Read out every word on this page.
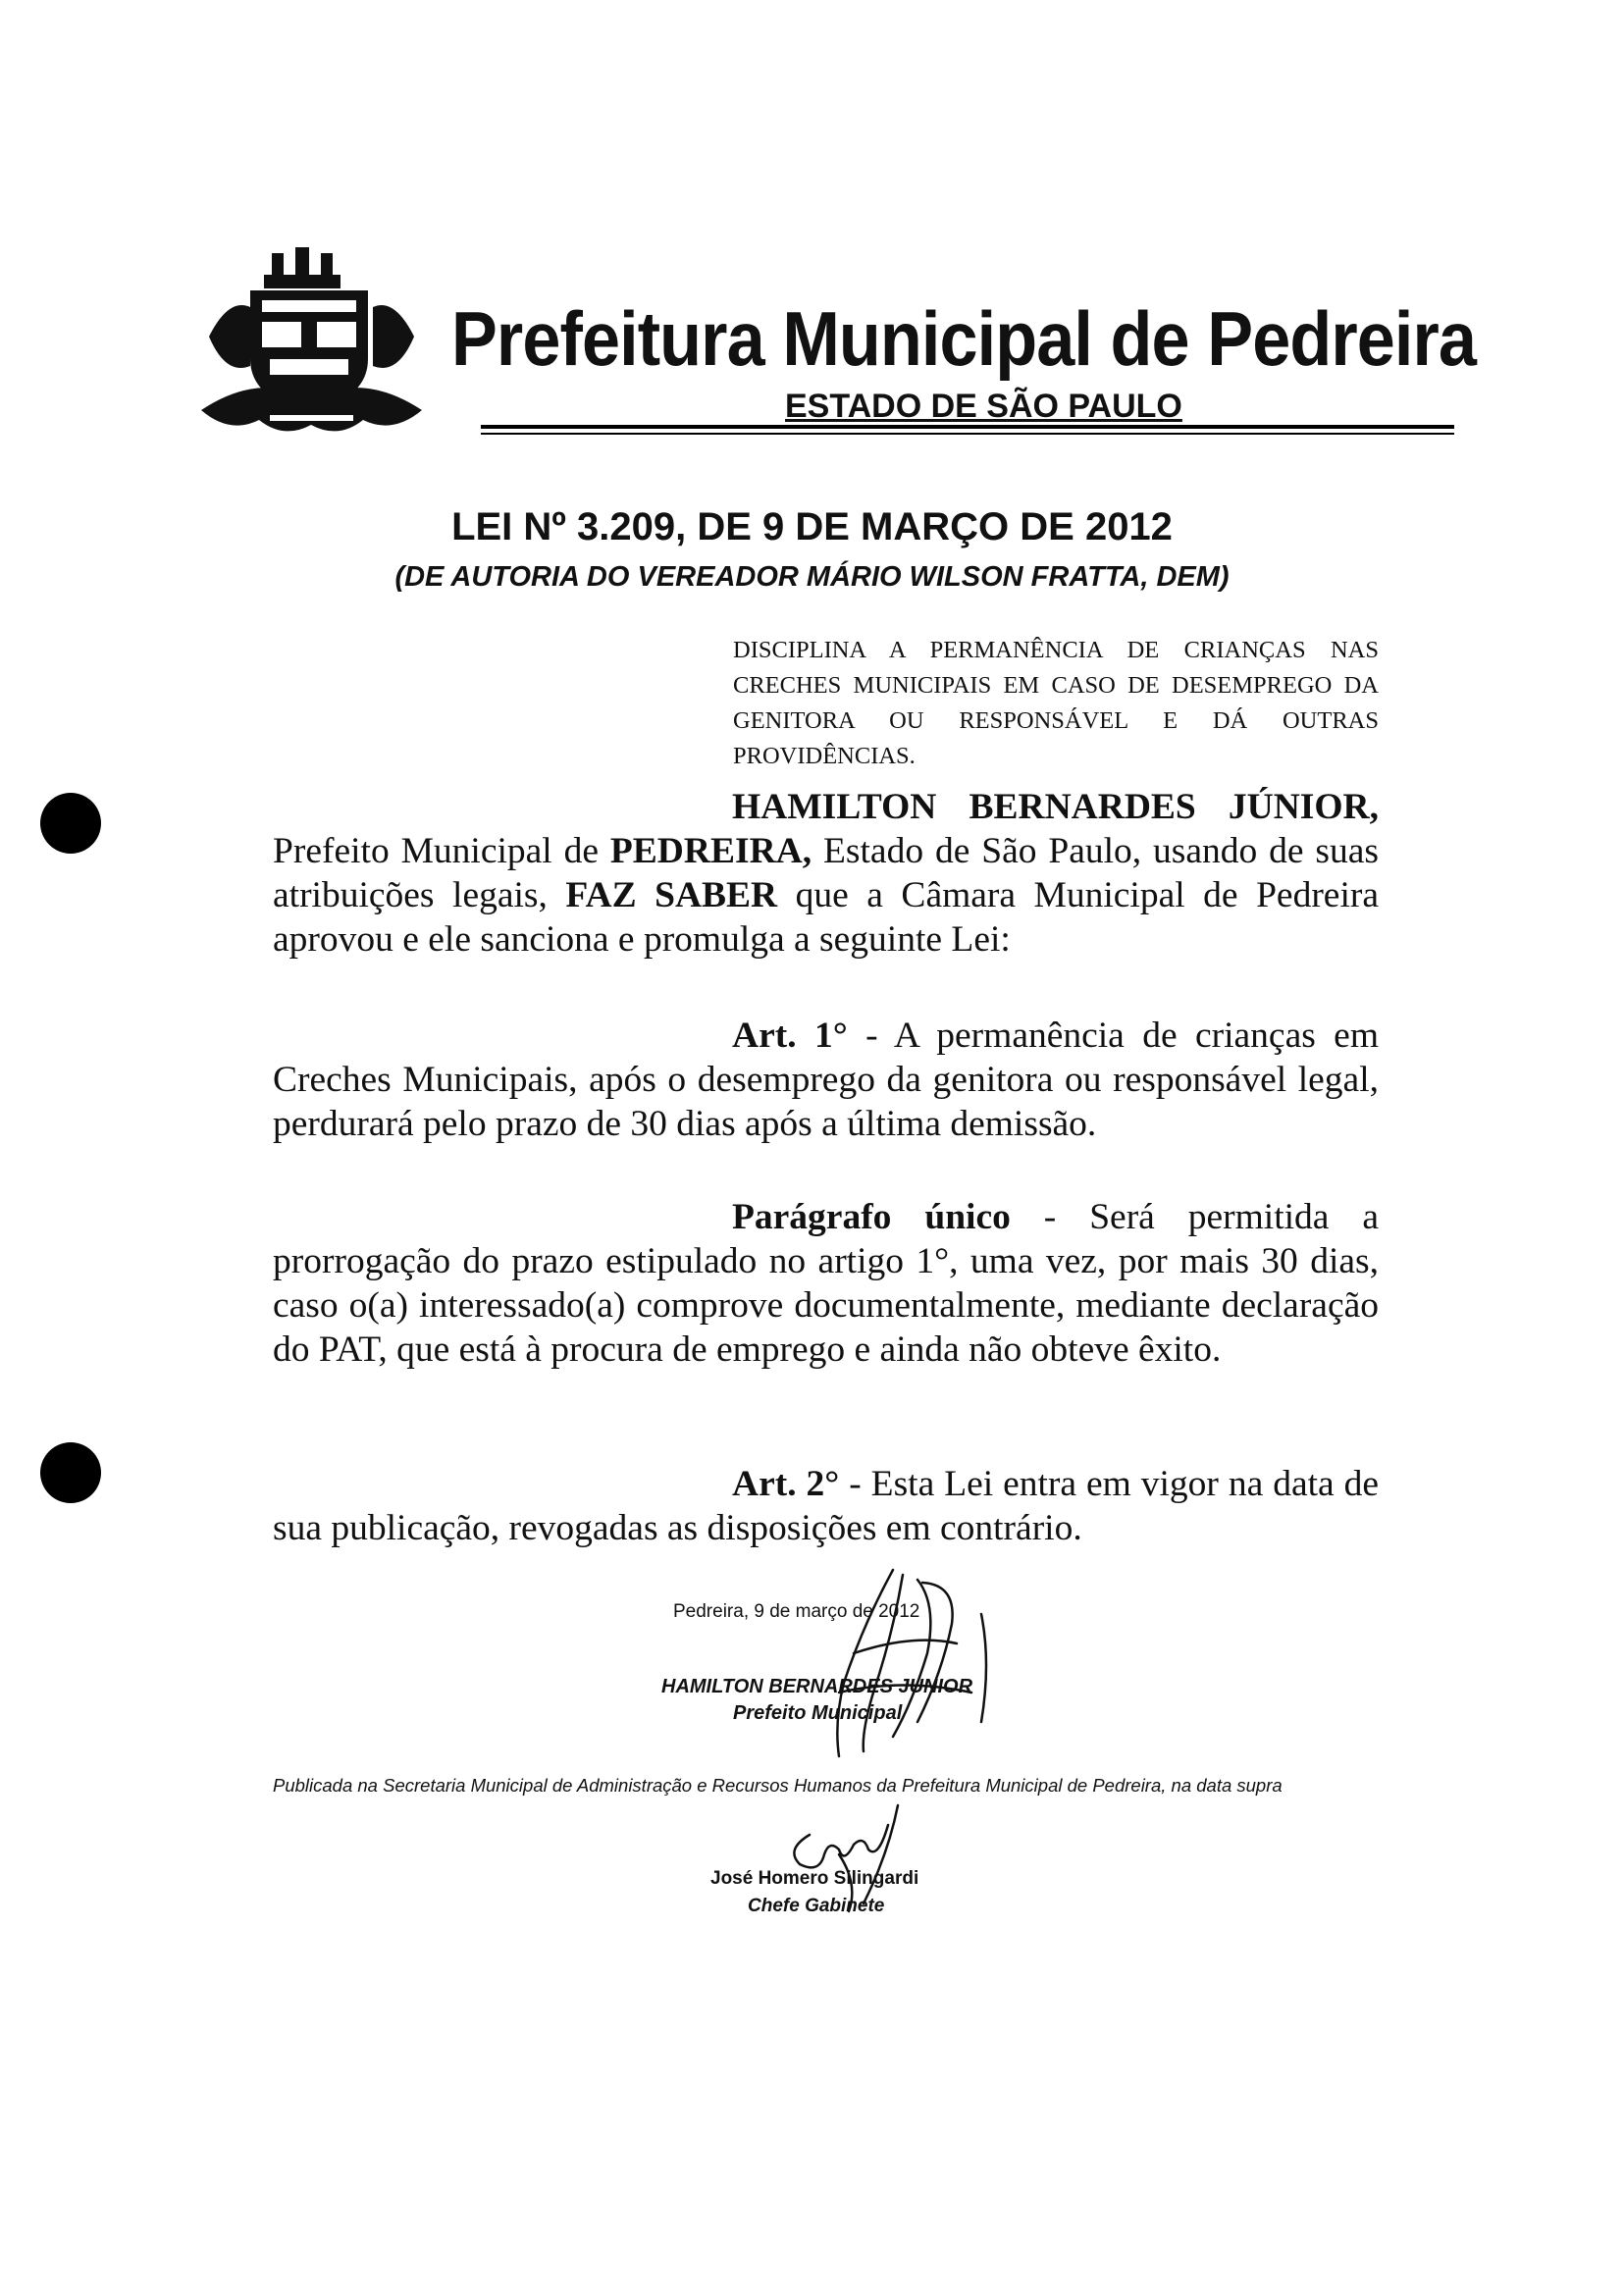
Prefeitura Municipal de Pedreira
ESTADO DE SÃO PAULO
LEI Nº 3.209, DE 9 DE MARÇO DE 2012
(DE AUTORIA DO VEREADOR MÁRIO WILSON FRATTA, DEM)
DISCIPLINA A PERMANÊNCIA DE CRIANÇAS NAS CRECHES MUNICIPAIS EM CASO DE DESEMPREGO DA GENITORA OU RESPONSÁVEL E DÁ OUTRAS PROVIDÊNCIAS.
HAMILTON BERNARDES JÚNIOR, Prefeito Municipal de PEDREIRA, Estado de São Paulo, usando de suas atribuições legais, FAZ SABER que a Câmara Municipal de Pedreira aprovou e ele sanciona e promulga a seguinte Lei:
Art. 1° - A permanência de crianças em Creches Municipais, após o desemprego da genitora ou responsável legal, perdurará pelo prazo de 30 dias após a última demissão.
Parágrafo único - Será permitida a prorrogação do prazo estipulado no artigo 1°, uma vez, por mais 30 dias, caso o(a) interessado(a) comprove documentalmente, mediante declaração do PAT, que está à procura de emprego e ainda não obteve êxito.
Art. 2° - Esta Lei entra em vigor na data de sua publicação, revogadas as disposições em contrário.
Pedreira, 9 de março de 2012
HAMILTON BERNARDES JUNIOR
Prefeito Municipal
Publicada na Secretaria Municipal de Administração e Recursos Humanos da Prefeitura Municipal de Pedreira, na data supra
José Homero Silingardi
Chefe Gabinete
